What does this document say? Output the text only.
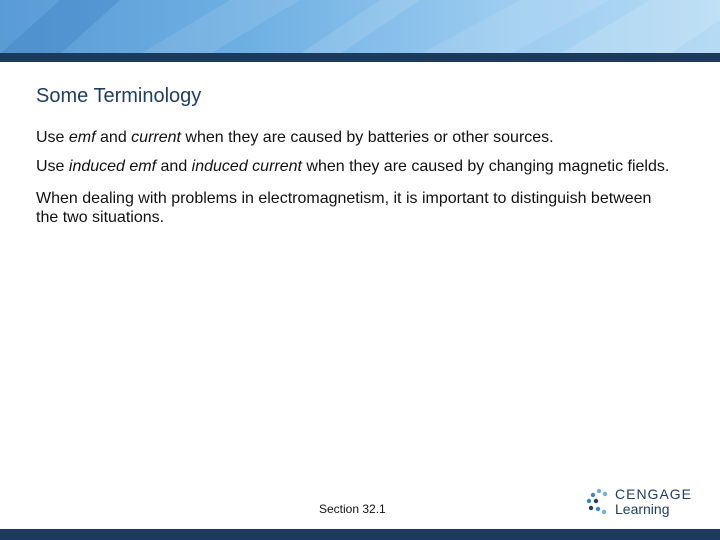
Some Terminology

Use emf and current when they are caused by batteries or other sources.

Use induced emf and induced current when they are caused by changing magnetic fields.

When dealing with problems in electromagnetism, it is important to distinguish between the two situations.

Section 32.1
CENGAGE
Learning
